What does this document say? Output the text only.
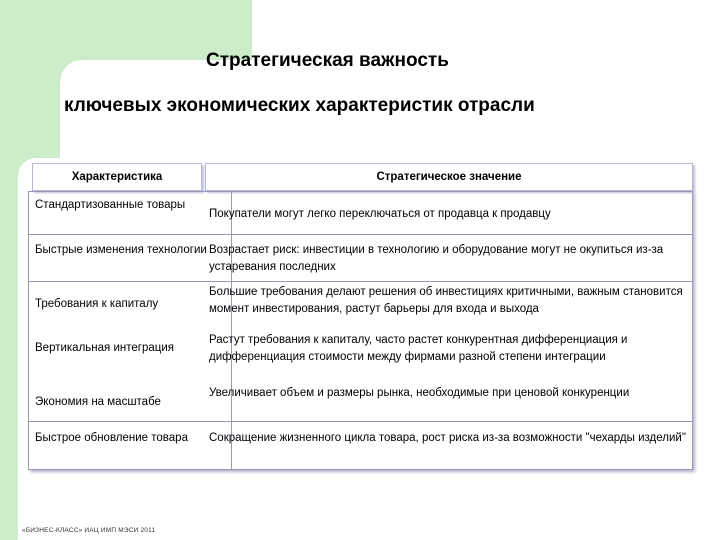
Стратегическая важность
ключевых экономических характеристик отрасли
Характеристика	Стратегическое значение
Стандартизованные товары
Покупатели могут легко переключаться от продавца к продавцу
Быстрые изменения технологии Возрастает риск: инвестиции в технологию и оборудование могут не окупиться из-за устаревания последних
Требования к капиталу
Большие требования делают решения об инвестициях критичными, важным становится момент инвестирования, растут барьеры для входа и выхода
Вертикальная интеграция
Растут требования к капиталу, часто растет конкурентная дифференциация и дифференциация стоимости между фирмами разной степени интеграции
Экономия на масштабе
Увеличивает объем и размеры рынка, необходимые при ценовой конкуренции
Быстрое обновление товара	Сокращение жизненного цикла товара, рост риска из-за возможности "чехарды изделий"
«БИЗНЕС-КЛАСС» ИАЦ ИМП МЭСИ 2011
